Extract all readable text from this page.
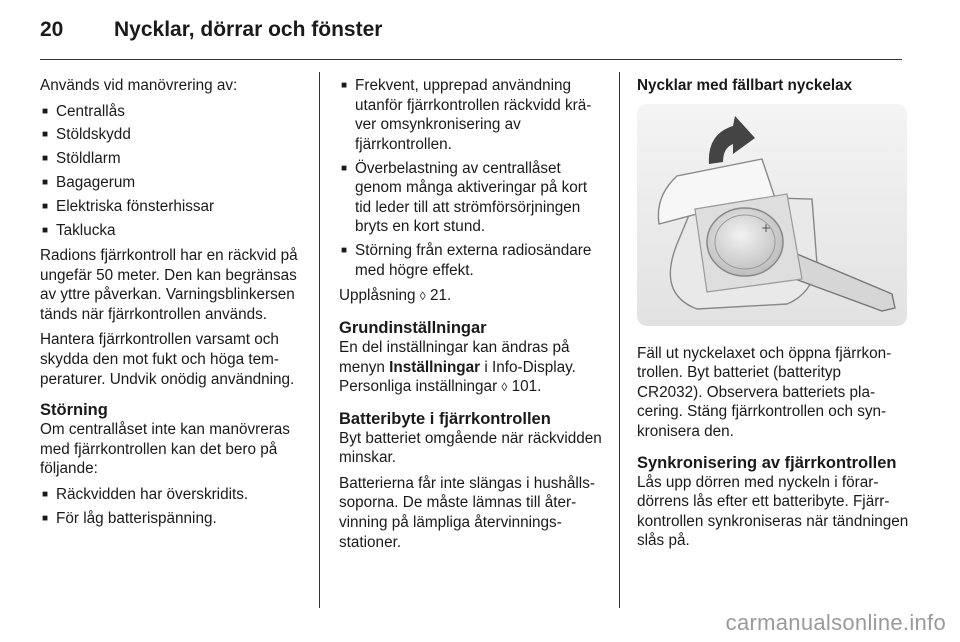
20 Nycklar, dörrar och fönster

Används vid manövrering av:

■ Centrallås
■ Stöldskydd
■ Stöldlarm
■ Bagagerum
■ Elektriska fönsterhissar
■ Taklucka

Radions fjärrkontroll har en räckvid på ungefär 50 meter. Den kan begränsas av yttre påverkan. Varningsblinkersen tänds när fjärrkontrollen används.

Hantera fjärrkontrollen varsamt och skydda den mot fukt och höga temperaturer. Undvik onödig användning.

Störning

Om centrallåset inte kan manövreras med fjärrkontrollen kan det bero på följande:

■ Räckvidden har överskridits.
■ För låg batterispänning.
■ Frekvent, upprepad användning utanför fjärrkontrollen räckvidd kräver omsynkronisering av fjärrkontrollen.
■ Överbelastning av centrallåset genom många aktiveringar på kort tid leder till att strömförsörjningen bryts en kort stund.
■ Störning från externa radiosändare med högre effekt.

Upplåsning ◊ 21.

Grundinställningar

En del inställningar kan ändras på menyn Inställningar i Info-Display. Personliga inställningar ◊ 101.

Batteribyte i fjärrkontrollen

Byt batteriet omgående när räckvidden minskar.

Batterierna får inte slängas i hushållssoporna. De måste lämnas till återvinning på lämpliga återvinningsstationer.

Nycklar med fällbart nyckelax
+

Fäll ut nyckelaxet och öppna fjärrkontrollen. Byt batteriet (batterityp CR2032). Observera batteriets placering. Stäng fjärrkontrollen och synkronisera den.

Synkronisering av fjärrkontrollen

Lås upp dörren med nyckeln i förardörrens lås efter ett batteribyte. Fjärrkontrollen synkroniseras när tändningen slås på.

carmanualsonline.info
